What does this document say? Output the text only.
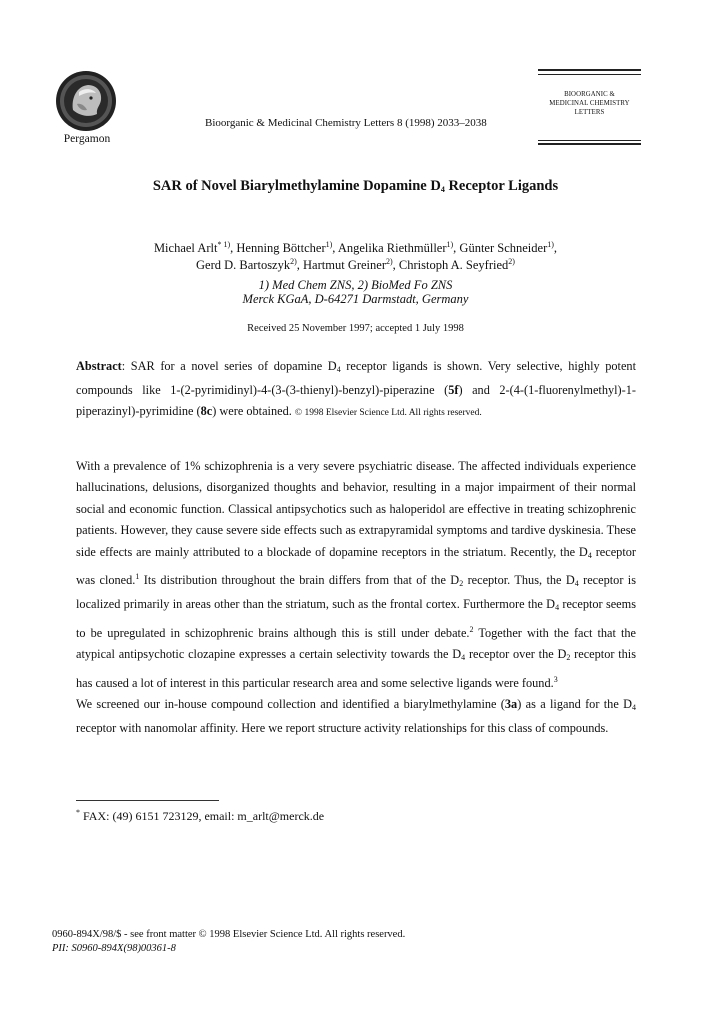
Pergamon
Bioorganic & Medicinal Chemistry Letters 8 (1998) 2033–2038
BIOORGANIC &
MEDICINAL CHEMISTRY
LETTERS
SAR of Novel Biarylmethylamine Dopamine $D_4$ Receptor Ligands
Michael Arlt$^{* 1)}$, Henning Böttcher$^{1)}$, Angelika Riethmüller$^{1)}$, Günter Schneider$^{1)}$,
Gerd D. Bartoszyk$^{2)}$, Hartmut Greiner$^{2)}$, Christoph A. Seyfried$^{2)}$
1) Med Chem ZNS, 2) BioMed Fo ZNS
Merck KGaA, D-64271 Darmstadt, Germany
Received 25 November 1997; accepted 1 July 1998
Abstract: SAR for a novel series of dopamine $D_4$ receptor ligands is shown. Very selective, highly potent compounds like 1-(2-pyrimidinyl)-4-(3-(3-thienyl)-benzyl)-piperazine (5f) and 2-(4-(1-fluorenylmethyl)-1-piperazinyl)-pyrimidine (8c) were obtained. © 1998 Elsevier Science Ltd. All rights reserved.

With a prevalence of 1% schizophrenia is a very severe psychiatric disease. The affected individuals experience hallucinations, delusions, disorganized thoughts and behavior, resulting in a major impairment of their normal social and economic function. Classical antipsychotics such as haloperidol are effective in treating schizophrenic patients. However, they cause severe side effects such as extrapyramidal symptoms and tardive dyskinesia. These side effects are mainly attributed to a blockade of dopamine receptors in the striatum. Recently, the $D_4$ receptor was cloned.$^1$ Its distribution throughout the brain differs from that of the $D_2$ receptor. Thus, the $D_4$ receptor is localized primarily in areas other than the striatum, such as the frontal cortex. Furthermore the $D_4$ receptor seems to be upregulated in schizophrenic brains although this is still under debate.$^2$ Together with the fact that the atypical antipsychotic clozapine expresses a certain selectivity towards the $D_4$ receptor over the $D_2$ receptor this has caused a lot of interest in this particular research area and some selective ligands were found.$^3$

We screened our in-house compound collection and identified a biarylmethylamine (3a) as a ligand for the $D_4$ receptor with nanomolar affinity. Here we report structure activity relationships for this class of compounds.

* FAX: (49) 6151 723129, email: m_arlt@merck.de
0960-894X/98/$ - see front matter © 1998 Elsevier Science Ltd. All rights reserved.
PII: S0960-894X(98)00361-8
